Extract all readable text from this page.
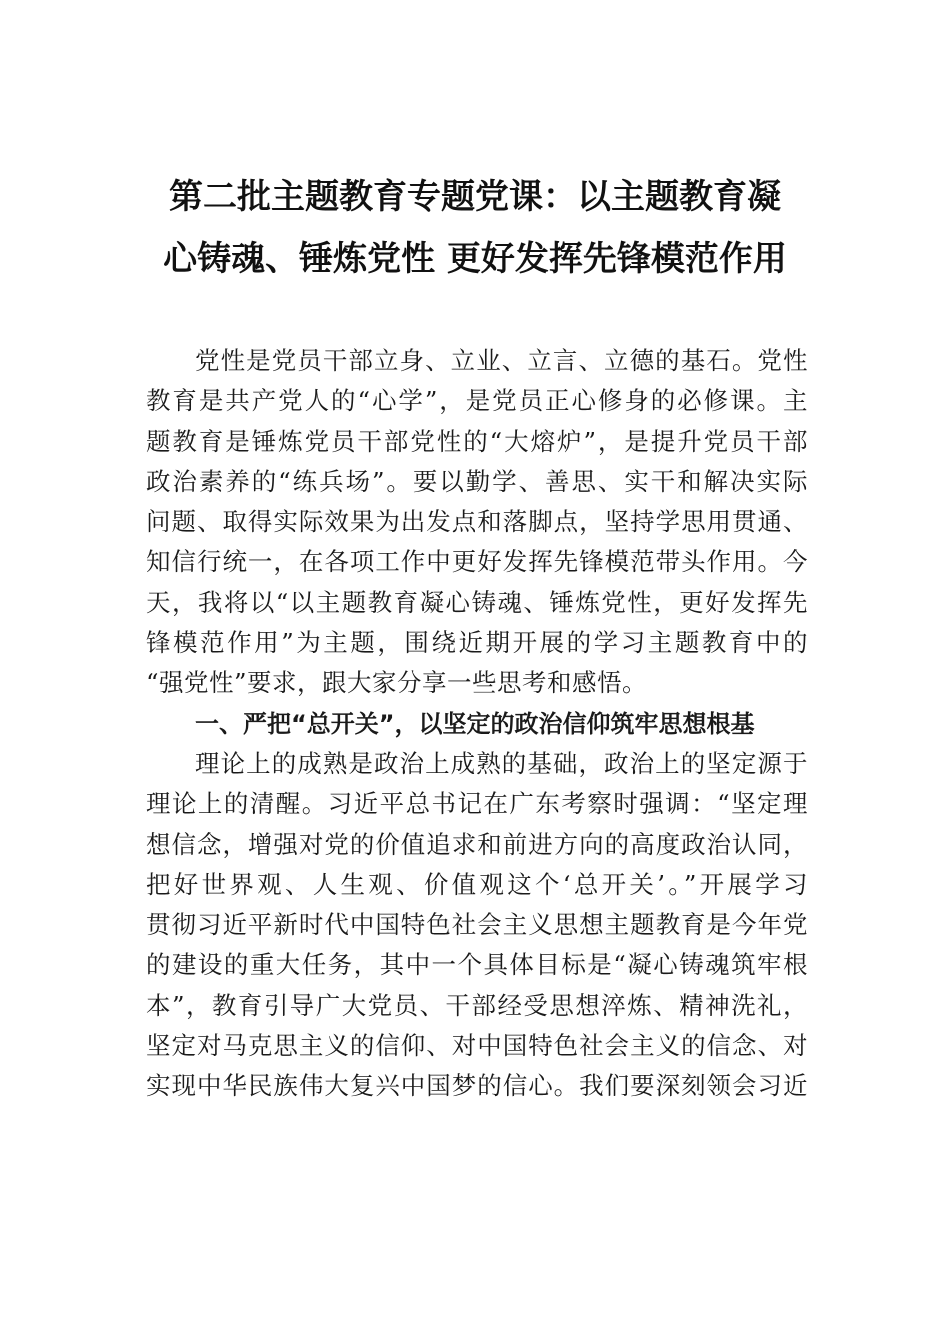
第二批主题教育专题党课：以主题教育凝
心铸魂、锤炼党性 更好发挥先锋模范作用
党性是党员干部立身、立业、立言、立德的基石。党性
教育是共产党人的“心学”，是党员正心修身的必修课。主
题教育是锤炼党员干部党性的“大熔炉”，是提升党员干部
政治素养的“练兵场”。要以勤学、善思、实干和解决实际
问题、取得实际效果为出发点和落脚点，坚持学思用贯通、
知信行统一，在各项工作中更好发挥先锋模范带头作用。今
天，我将以“以主题教育凝心铸魂、锤炼党性，更好发挥先
锋模范作用”为主题，围绕近期开展的学习主题教育中的
“强党性”要求，跟大家分享一些思考和感悟。
一、严把“总开关”，以坚定的政治信仰筑牢思想根基
理论上的成熟是政治上成熟的基础，政治上的坚定源于
理论上的清醒。习近平总书记在广东考察时强调：“坚定理
想信念，增强对党的价值追求和前进方向的高度政治认同，
把好世界观、人生观、价值观这个‘总开关’。”开展学习
贯彻习近平新时代中国特色社会主义思想主题教育是今年党
的建设的重大任务，其中一个具体目标是“凝心铸魂筑牢根
本”，教育引导广大党员、干部经受思想淬炼、精神洗礼，
坚定对马克思主义的信仰、对中国特色社会主义的信念、对
实现中华民族伟大复兴中国梦的信心。我们要深刻领会习近
